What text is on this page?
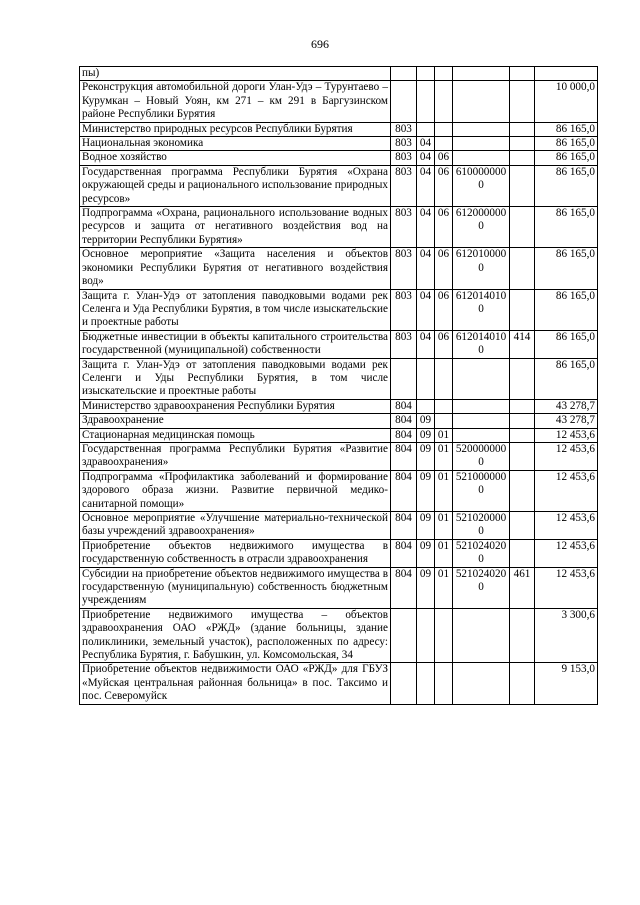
696
пы)						
Реконструкция автомобильной дороги Улан-Удэ – Турунтаево – Курумкан – Новый Уоян, км 271 – км 291 в Баргузинском районе Республики Бурятия						10 000,0
Министерство природных ресурсов Республики Бурятия	803					86 165,0
Национальная экономика	803	04				86 165,0
Водное хозяйство	803	04	06			86 165,0
Государственная программа Республики Бурятия «Охрана окружающей среды и рационального использование природных ресурсов»	803	04	06	6100000000		86 165,0
Подпрограмма «Охрана, рационального использование водных ресурсов и защита от негативного воздействия вод на территории Республики Бурятия»	803	04	06	6120000000		86 165,0
Основное мероприятие «Защита населения и объектов экономики Республики Бурятия от негативного воздействия вод»	803	04	06	6120100000		86 165,0
Защита г. Улан-Удэ от затопления паводковыми водами рек Селенга и Уда Республики Бурятия, в том числе изыскательские и проектные работы	803	04	06	6120140100		86 165,0
Бюджетные инвестиции в объекты капитального строительства государственной (муниципальной) собственности	803	04	06	6120140100	414	86 165,0
Защита г. Улан-Удэ от затопления паводковыми водами рек Селенги и Уды Республики Бурятия, в том числе изыскательские и проектные работы						86 165,0
Министерство здравоохранения Республики Бурятия	804					43 278,7
Здравоохранение	804	09				43 278,7
Стационарная медицинская помощь	804	09	01			12 453,6
Государственная программа Республики Бурятия «Развитие здравоохранения»	804	09	01	5200000000		12 453,6
Подпрограмма «Профилактика заболеваний и формирование здорового образа жизни. Развитие первичной медико-санитарной помощи»	804	09	01	5210000000		12 453,6
Основное мероприятие «Улучшение материально-технической базы учреждений здравоохранения»	804	09	01	5210200000		12 453,6
Приобретение объектов недвижимого имущества в государственную собственность в отрасли здравоохранения	804	09	01	5210240200		12 453,6
Субсидии на приобретение объектов недвижимого имущества в государственную (муниципальную) собственность бюджетным учреждениям	804	09	01	5210240200	461	12 453,6
Приобретение недвижимого имущества – объектов здравоохранения ОАО «РЖД» (здание больницы, здание поликлиники, земельный участок), расположенных по адресу: Республика Бурятия, г. Бабушкин, ул. Комсомольская, 34						3 300,6
Приобретение объектов недвижимости ОАО «РЖД» для ГБУЗ «Муйская центральная районная больница» в пос. Таксимо и пос. Северомуйск						9 153,0
